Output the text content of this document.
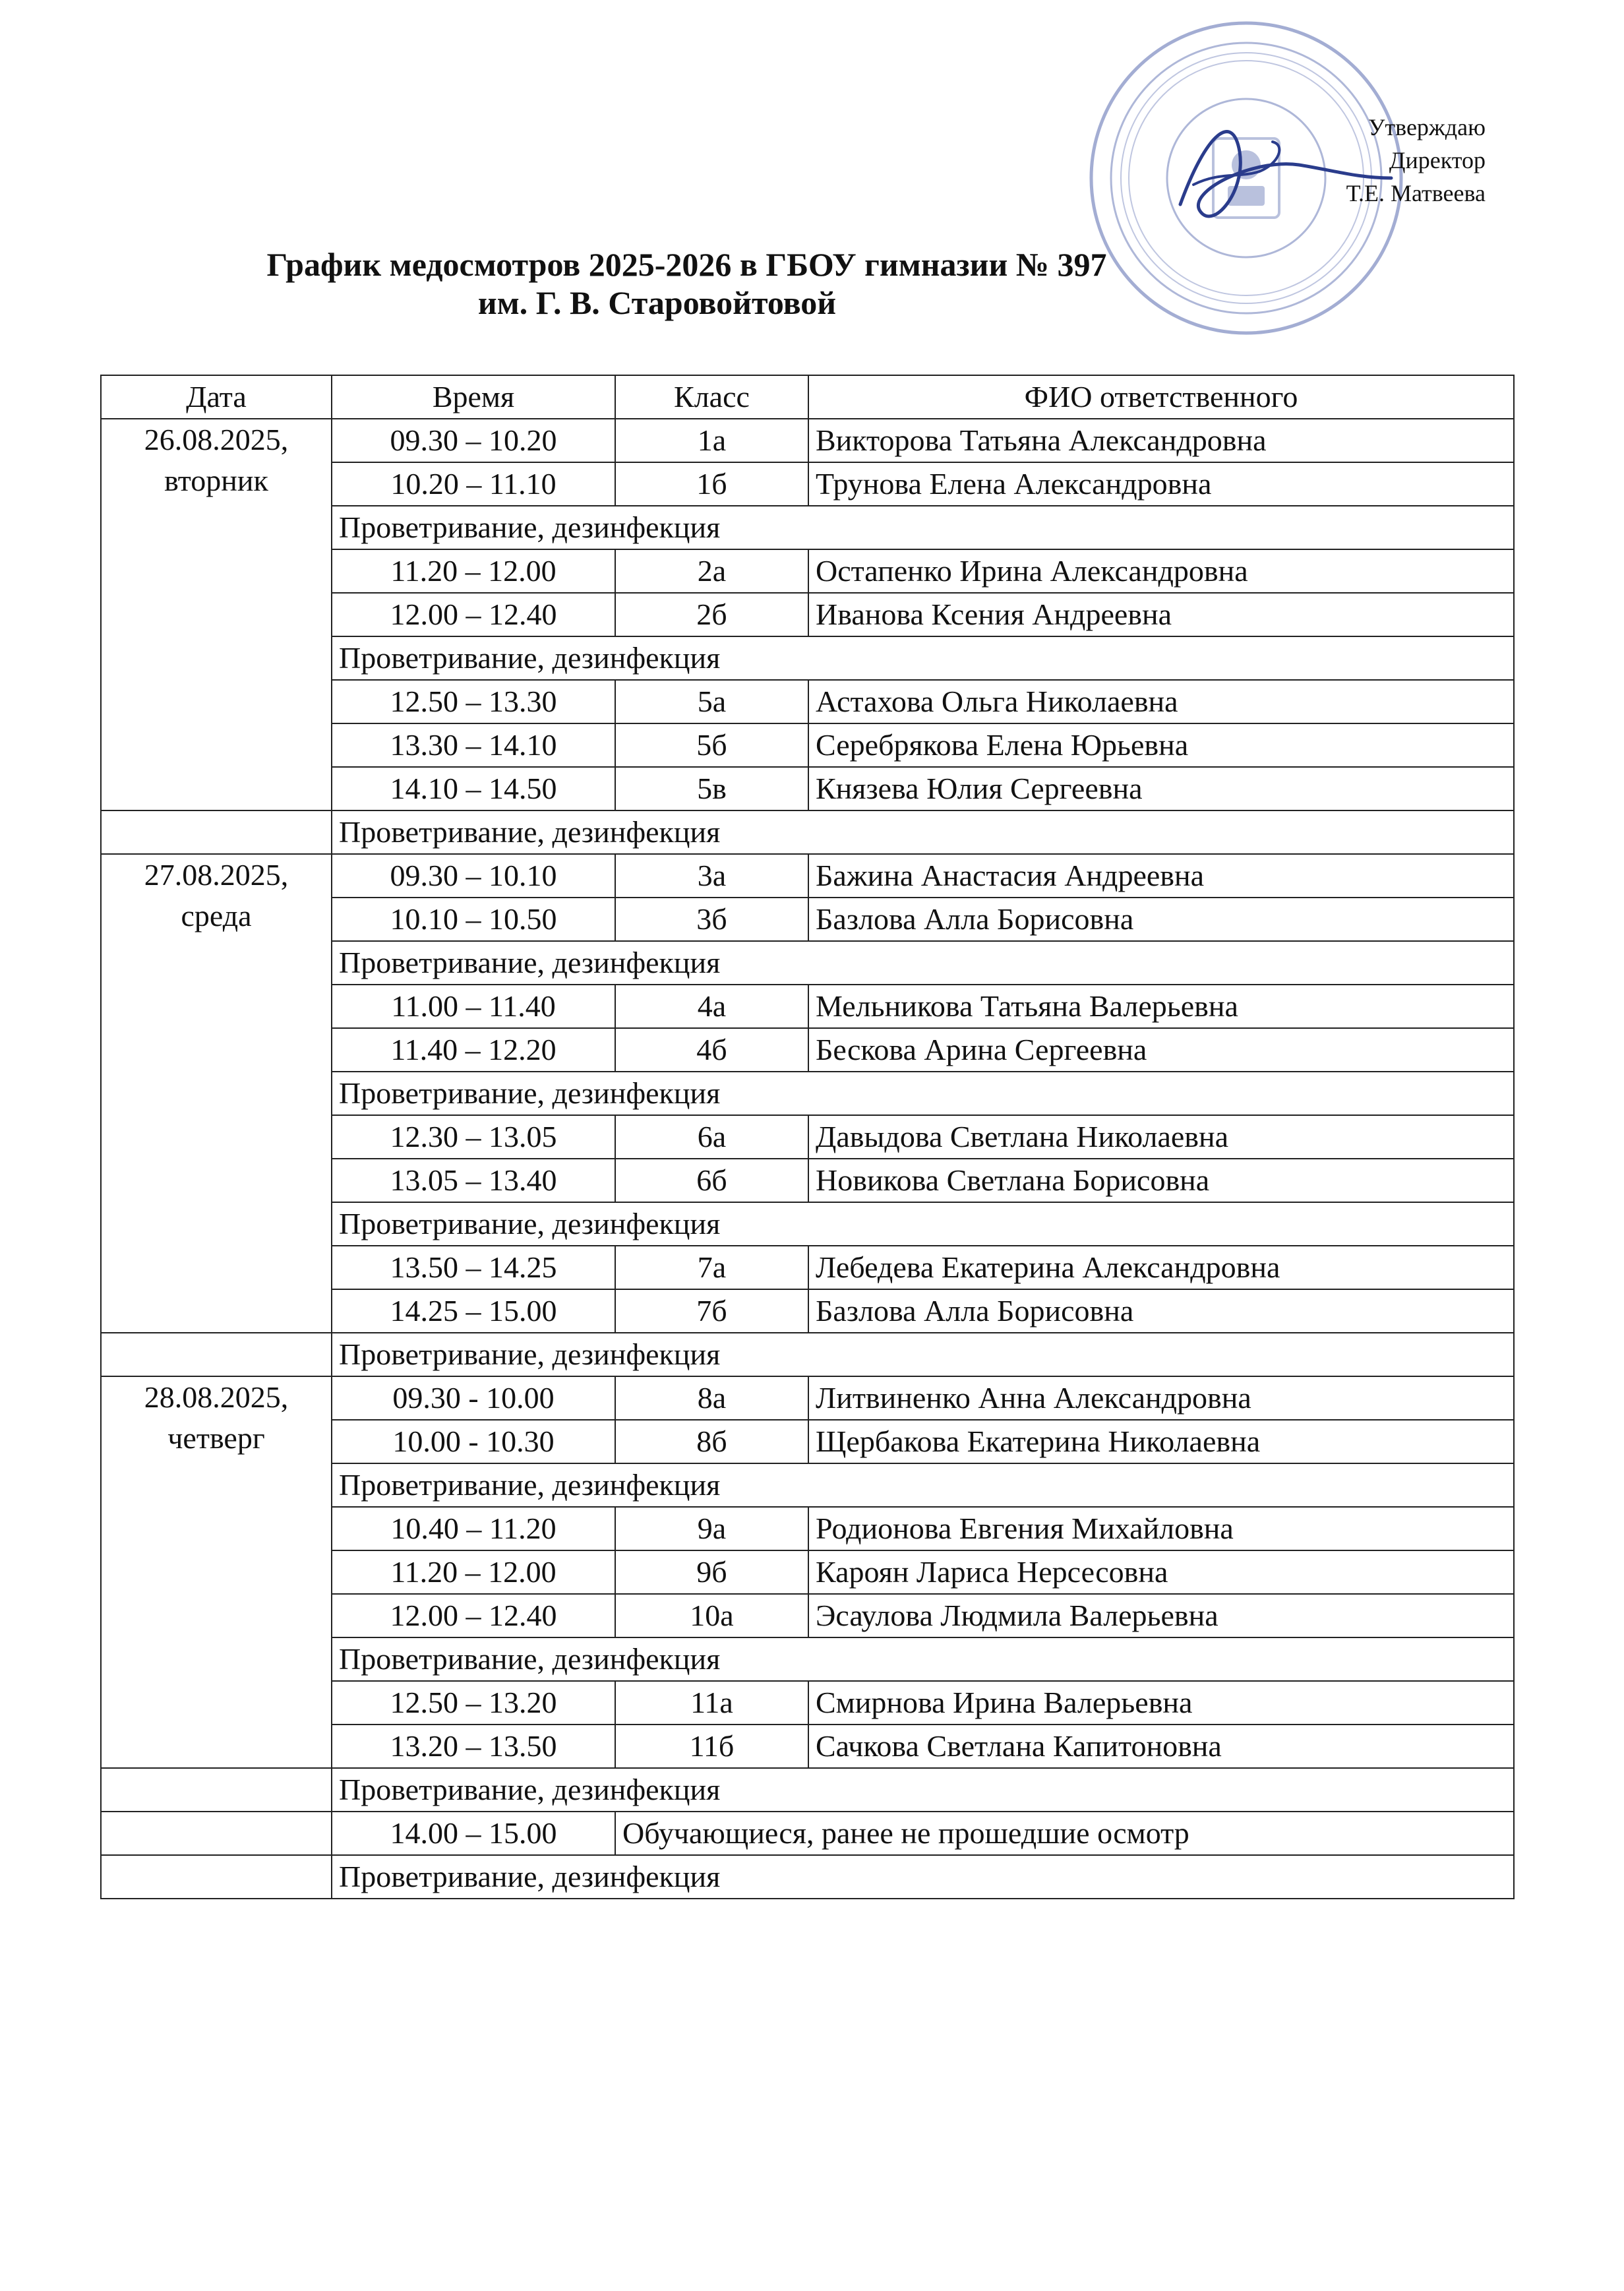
Утверждаю
Директор
Т.Е. Матвеева
График медосмотров 2025-2026 в ГБОУ гимназии № 397
им. Г. В. Старовойтовой
Дата	Время	Класс	ФИО ответственного

26.08.2025,
вторник	09.30 – 10.20	1а	Викторова Татьяна Александровна
	10.20 – 11.10	1б	Трунова Елена Александровна
	Проветривание, дезинфекция		
	11.20 – 12.00	2а	Остапенко Ирина Александровна
	12.00 – 12.40	2б	Иванова Ксения Андреевна
	Проветривание, дезинфекция		
	12.50 – 13.30	5а	Астахова Ольга Николаевна
	13.30 – 14.10	5б	Серебрякова Елена Юрьевна
	14.10 – 14.50	5в	Князева Юлия Сергеевна
	Проветривание, дезинфекция		

27.08.2025,
среда	09.30 – 10.10	3а	Бажина Анастасия Андреевна
	10.10 – 10.50	3б	Базлова Алла Борисовна
	Проветривание, дезинфекция		
	11.00 – 11.40	4а	Мельникова Татьяна Валерьевна
	11.40 – 12.20	4б	Бескова Арина Сергеевна
	Проветривание, дезинфекция		
	12.30 – 13.05	6а	Давыдова Светлана Николаевна
	13.05 – 13.40	6б	Новикова Светлана Борисовна
	Проветривание, дезинфекция		
	13.50 – 14.25	7а	Лебедева Екатерина Александровна
	14.25 – 15.00	7б	Базлова Алла Борисовна
	Проветривание, дезинфекция		

28.08.2025,
четверг	09.30 - 10.00	8а	Литвиненко Анна Александровна
	10.00 - 10.30	8б	Щербакова Екатерина Николаевна
	Проветривание, дезинфекция		
	10.40 – 11.20	9а	Родионова Евгения Михайловна
	11.20 – 12.00	9б	Кароян Лариса Нерсесовна
	12.00 – 12.40	10а	Эсаулова Людмила Валерьевна
	Проветривание, дезинфекция		
	12.50 – 13.20	11а	Смирнова Ирина Валерьевна
	13.20 – 13.50	11б	Сачкова Светлана Капитоновна
	Проветривание, дезинфекция		
	14.00 – 15.00	Обучающиеся, ранее не прошедшие осмотр	
	Проветривание, дезинфекция		
